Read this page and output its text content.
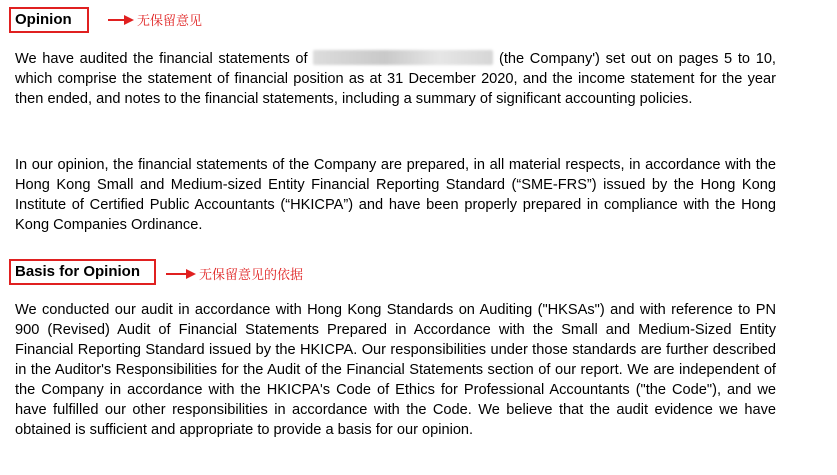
Opinion	无保留意见

We have audited the financial statements of	(the Company') set out on pages 5 to 10, which comprise the statement of financial position as at 31 December 2020, and the income statement for the year then ended, and notes to the financial statements, including a summary of significant accounting policies.

In our opinion, the financial statements of the Company are prepared, in all material respects, in accordance with the Hong Kong Small and Medium-sized Entity Financial Reporting Standard (“SME-FRS”) issued by the Hong Kong Institute of Certified Public Accountants (“HKICPA”) and have been properly prepared in compliance with the Hong Kong Companies Ordinance.

Basis for Opinion	无保留意见的依据

We conducted our audit in accordance with Hong Kong Standards on Auditing ("HKSAs") and with reference to PN 900 (Revised) Audit of Financial Statements Prepared in Accordance with the Small and Medium-Sized Entity Financial Reporting Standard issued by the HKICPA. Our responsibilities under those standards are further described in the Auditor's Responsibilities for the Audit of the Financial Statements section of our report. We are independent of the Company in accordance with the HKICPA's Code of Ethics for Professional Accountants ("the Code"), and we have fulfilled our other responsibilities in accordance with the Code. We believe that the audit evidence we have obtained is sufficient and appropriate to provide a basis for our opinion.
